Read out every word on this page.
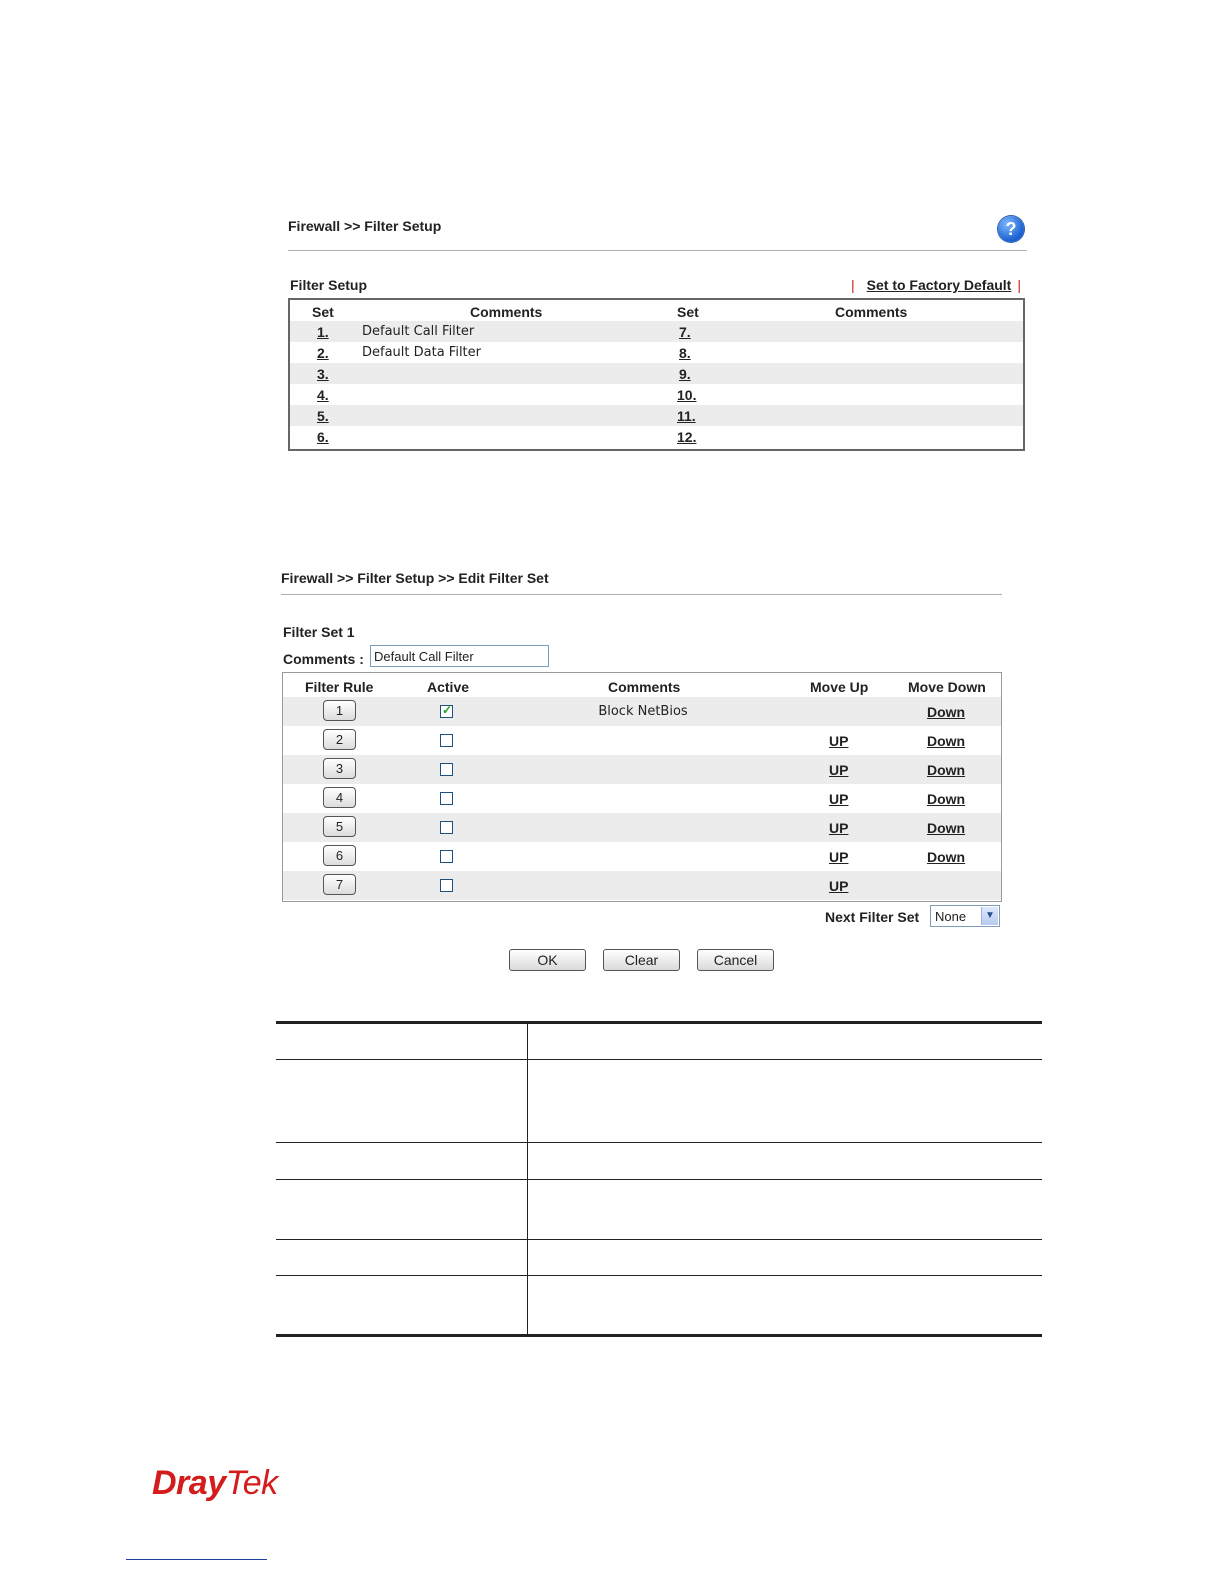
Firewall >> Filter Setup	?
Filter Setup	| Set to Factory Default |
Set	Comments	Set	Comments
1.	Default Call Filter	7.
2.	Default Data Filter	8.
3.	9.
4.	10.
5.	11.
6.	12.
Firewall >> Filter Setup >> Edit Filter Set
Filter Set 1
Comments :
Default Call Filter
Filter Rule	Active	Comments	Move Up	Move Down
1
✓	Block NetBios	Down
2	UP	Down
3	UP	Down
4	UP	Down
5	UP	Down
6	UP	Down
7	UP
Next Filter Set None	▼
OK	Clear	Cancel
DrayTek
